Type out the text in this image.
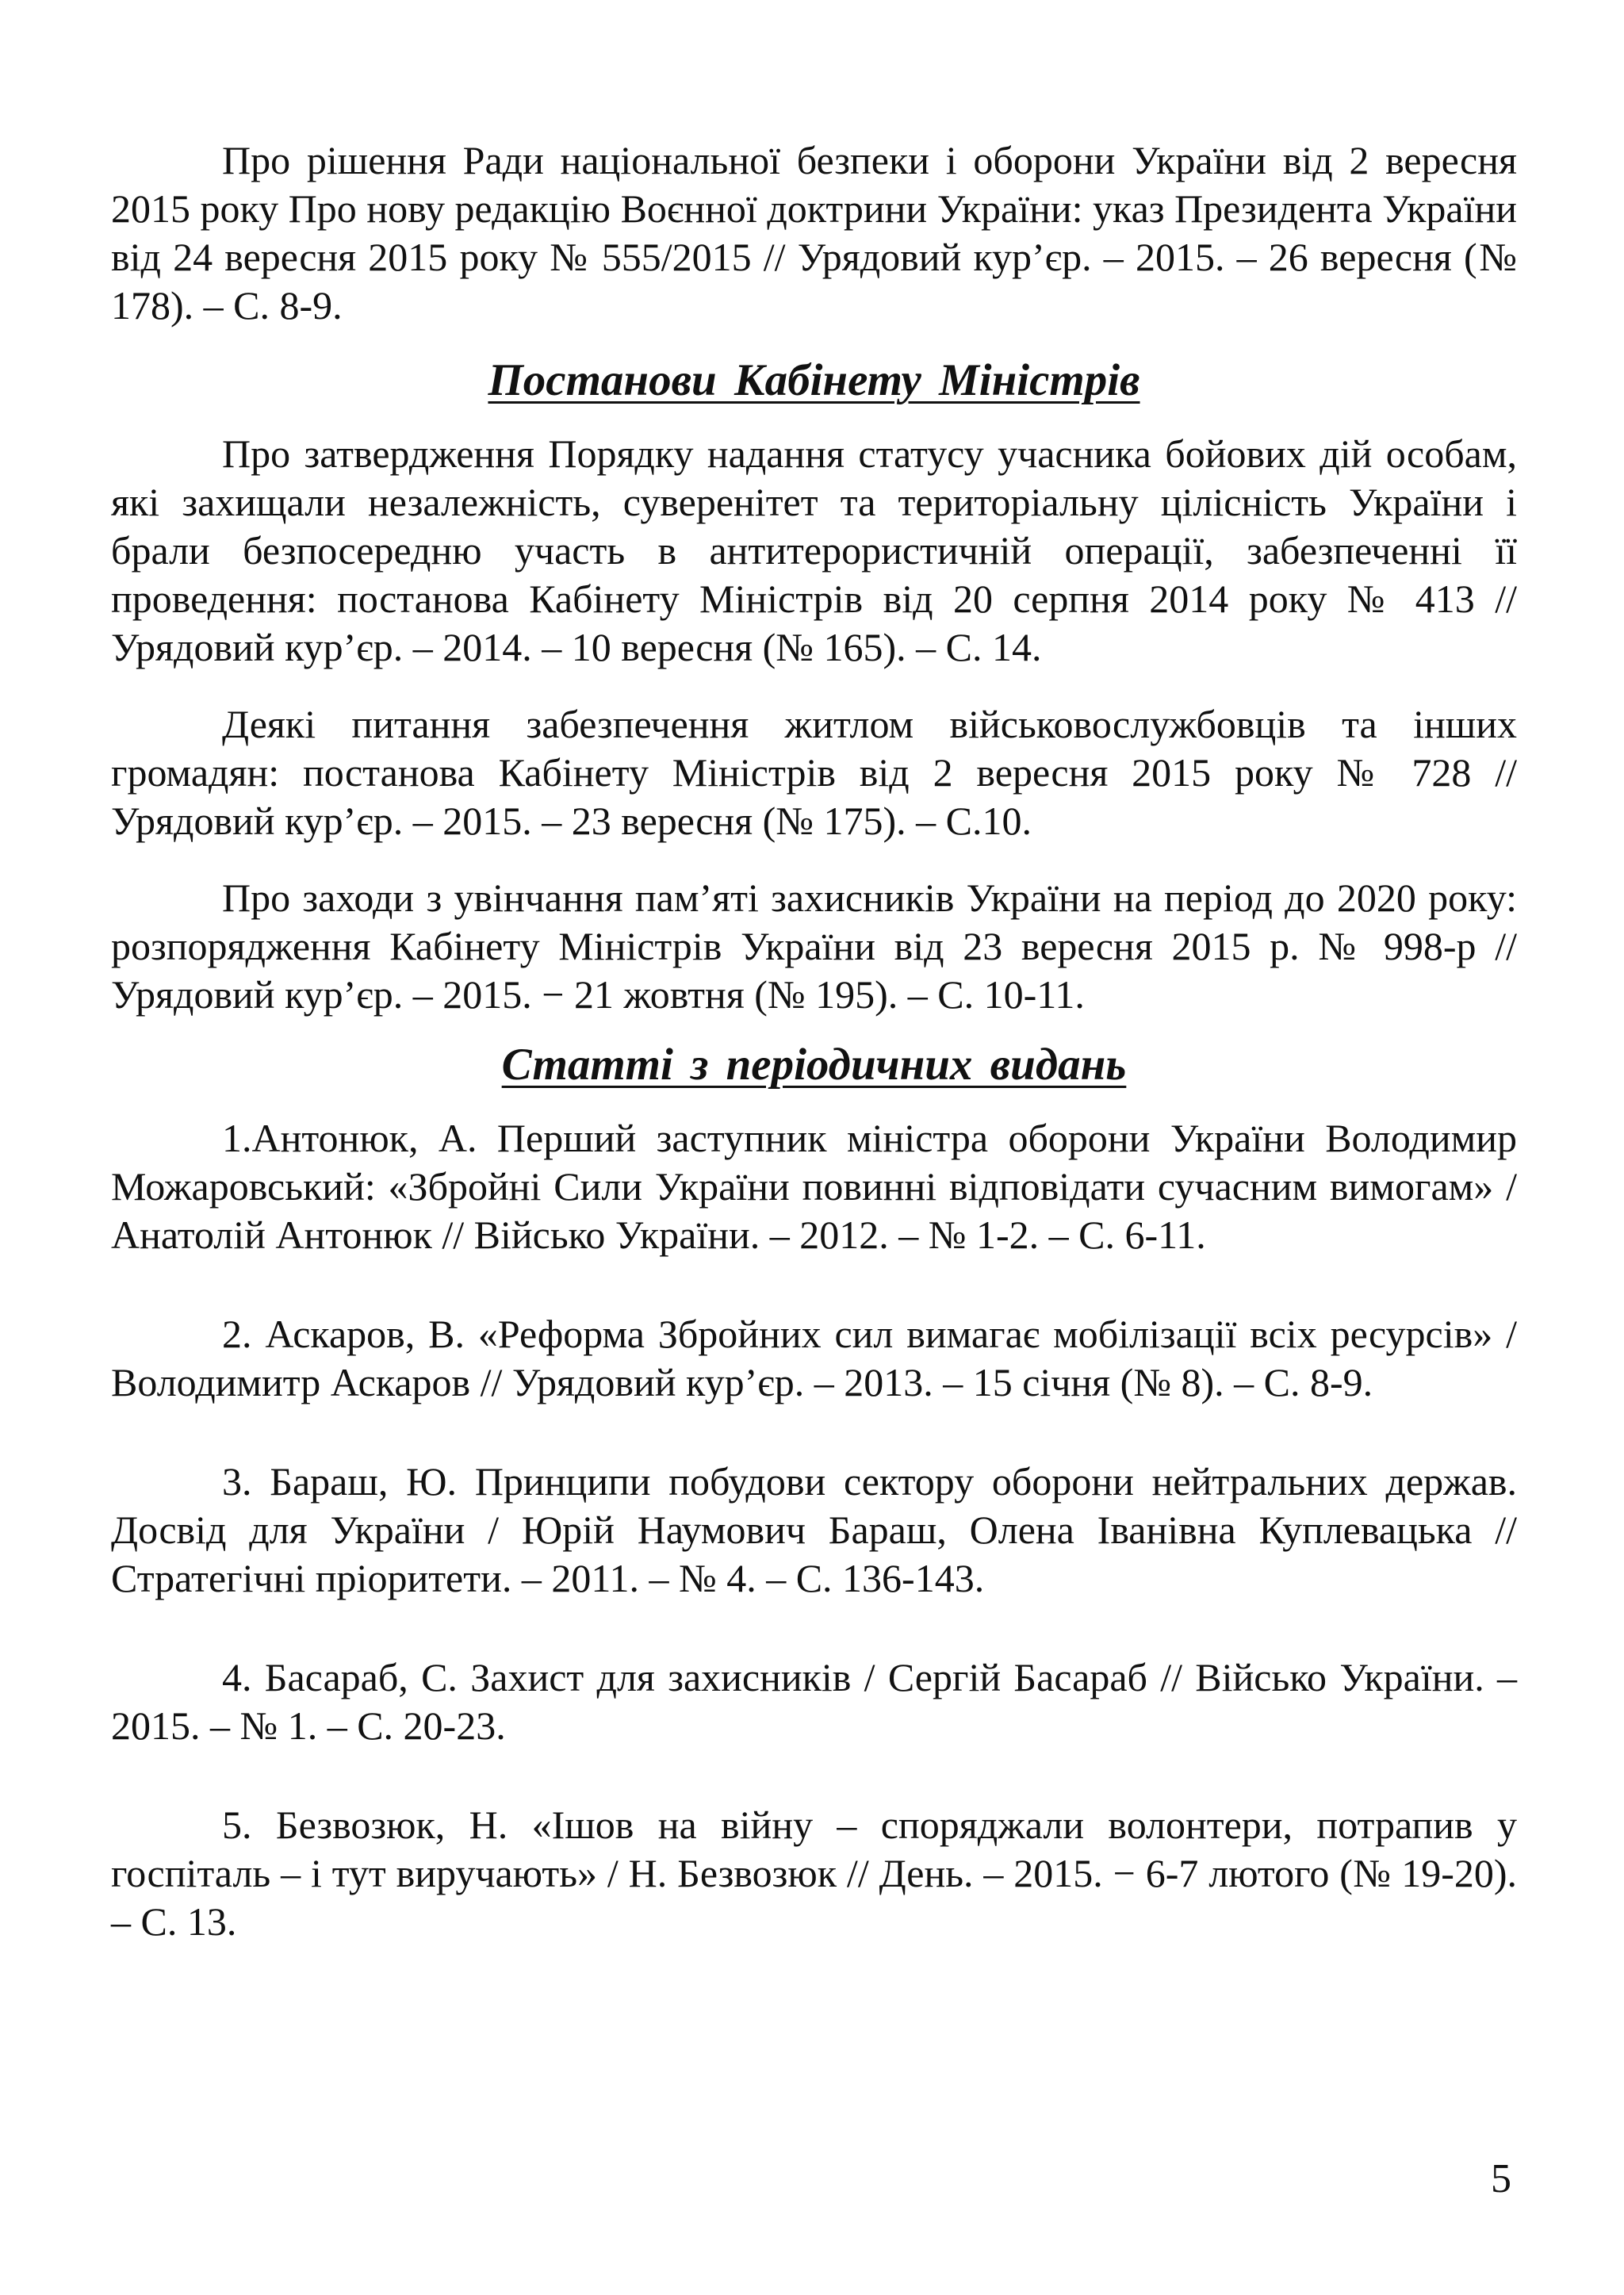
Про рішення Ради національної безпеки і оборони України від 2 вересня 2015 року Про нову редакцію Воєнної доктрини України: указ Президента України від 24 вересня 2015 року № 555/2015 // Урядовий кур’єр. – 2015. – 26 вересня (№ 178). – С. 8-9.

Постанови Кабінету Міністрів

Про затвердження Порядку надання статусу учасника бойових дій особам, які захищали незалежність, суверенітет та територіальну цілісність України і брали безпосередню участь в антитерористичній операції, забезпеченні її проведення: постанова Кабінету Міністрів від 20 серпня 2014 року № 413 // Урядовий кур’єр. – 2014. – 10 вересня (№ 165). – С. 14.

Деякі питання забезпечення житлом військовослужбовців та інших громадян: постанова Кабінету Міністрів від 2 вересня 2015 року № 728 // Урядовий кур’єр. – 2015. – 23 вересня (№ 175). – С.10.

Про заходи з увінчання пам’яті захисників України на період до 2020 року: розпорядження Кабінету Міністрів України від 23 вересня 2015 р. № 998-р // Урядовий кур’єр. – 2015. − 21 жовтня (№ 195). – С. 10-11.

Статті з періодичних видань

1.Антонюк, А. Перший заступник міністра оборони України Володимир Можаровський: «Збройні Сили України повинні відповідати сучасним вимогам» / Анатолій Антонюк // Військо України. – 2012. – № 1-2. – С. 6-11.

2. Аскаров, В. «Реформа Збройних сил вимагає мобілізації всіх ресурсів» / Володимитр Аскаров // Урядовий кур’єр. – 2013. – 15 січня (№ 8). – С. 8-9.

3. Бараш, Ю. Принципи побудови сектору оборони нейтральних держав. Досвід для України / Юрій Наумович Бараш, Олена Іванівна Куплевацька // Стратегічні пріоритети. – 2011. – № 4. – С. 136-143.

4. Басараб, С. Захист для захисників / Сергій Басараб // Військо України. – 2015. – № 1. – С. 20-23.

5. Безвозюк, Н. «Ішов на війну – споряджали волонтери, потрапив у госпіталь – і тут виручають» / Н. Безвозюк // День. – 2015. − 6-7 лютого (№ 19-20). – С. 13.

5
